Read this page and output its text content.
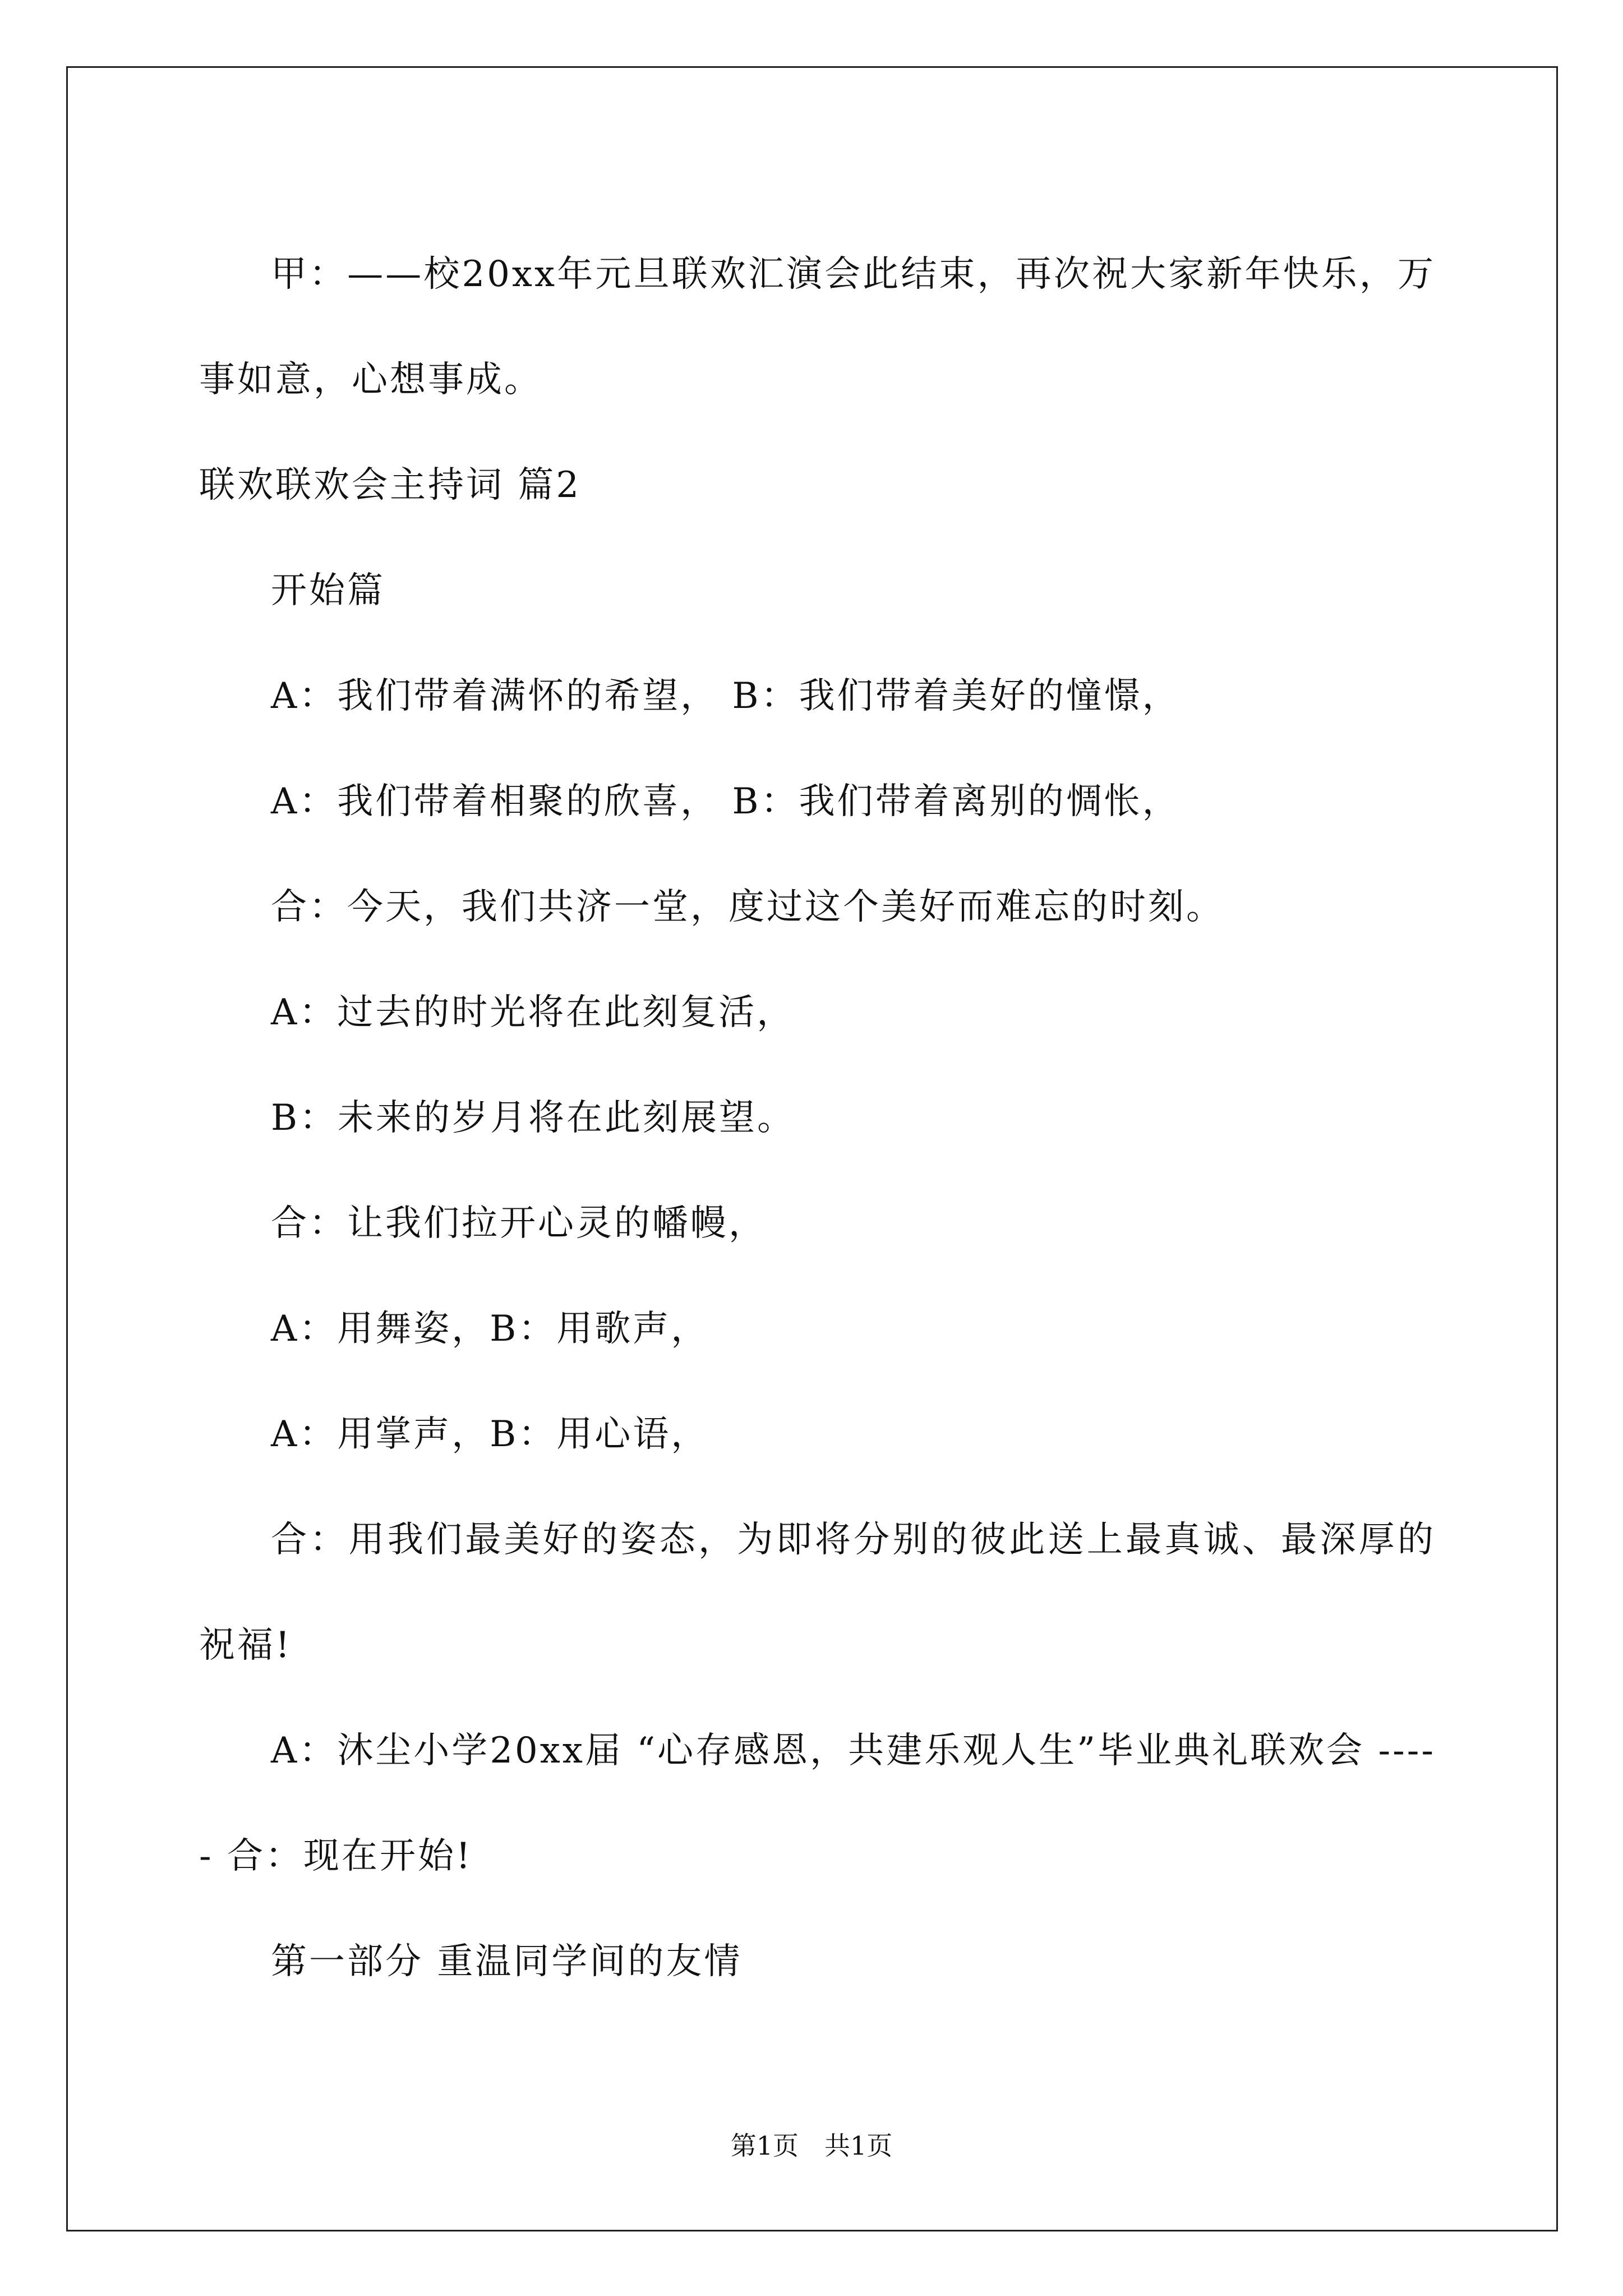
甲：——校20xx年元旦联欢汇演会此结束，再次祝大家新年快乐，万事如意，心想事成。

联欢联欢会主持词 篇2

开始篇

A：我们带着满怀的希望， B：我们带着美好的憧憬，

A：我们带着相聚的欣喜， B：我们带着离别的惆怅，

合：今天，我们共济一堂，度过这个美好而难忘的时刻。

A：过去的时光将在此刻复活，

B：未来的岁月将在此刻展望。

合：让我们拉开心灵的幡幔，

A：用舞姿，B：用歌声，

A：用掌声，B：用心语，

合：用我们最美好的姿态，为即将分别的彼此送上最真诚、最深厚的祝福!

A：沐尘小学20xx届 “心存感恩，共建乐观人生”毕业典礼联欢会 ----- 合：现在开始!

第一部分 重温同学间的友情

第1页　共1页
